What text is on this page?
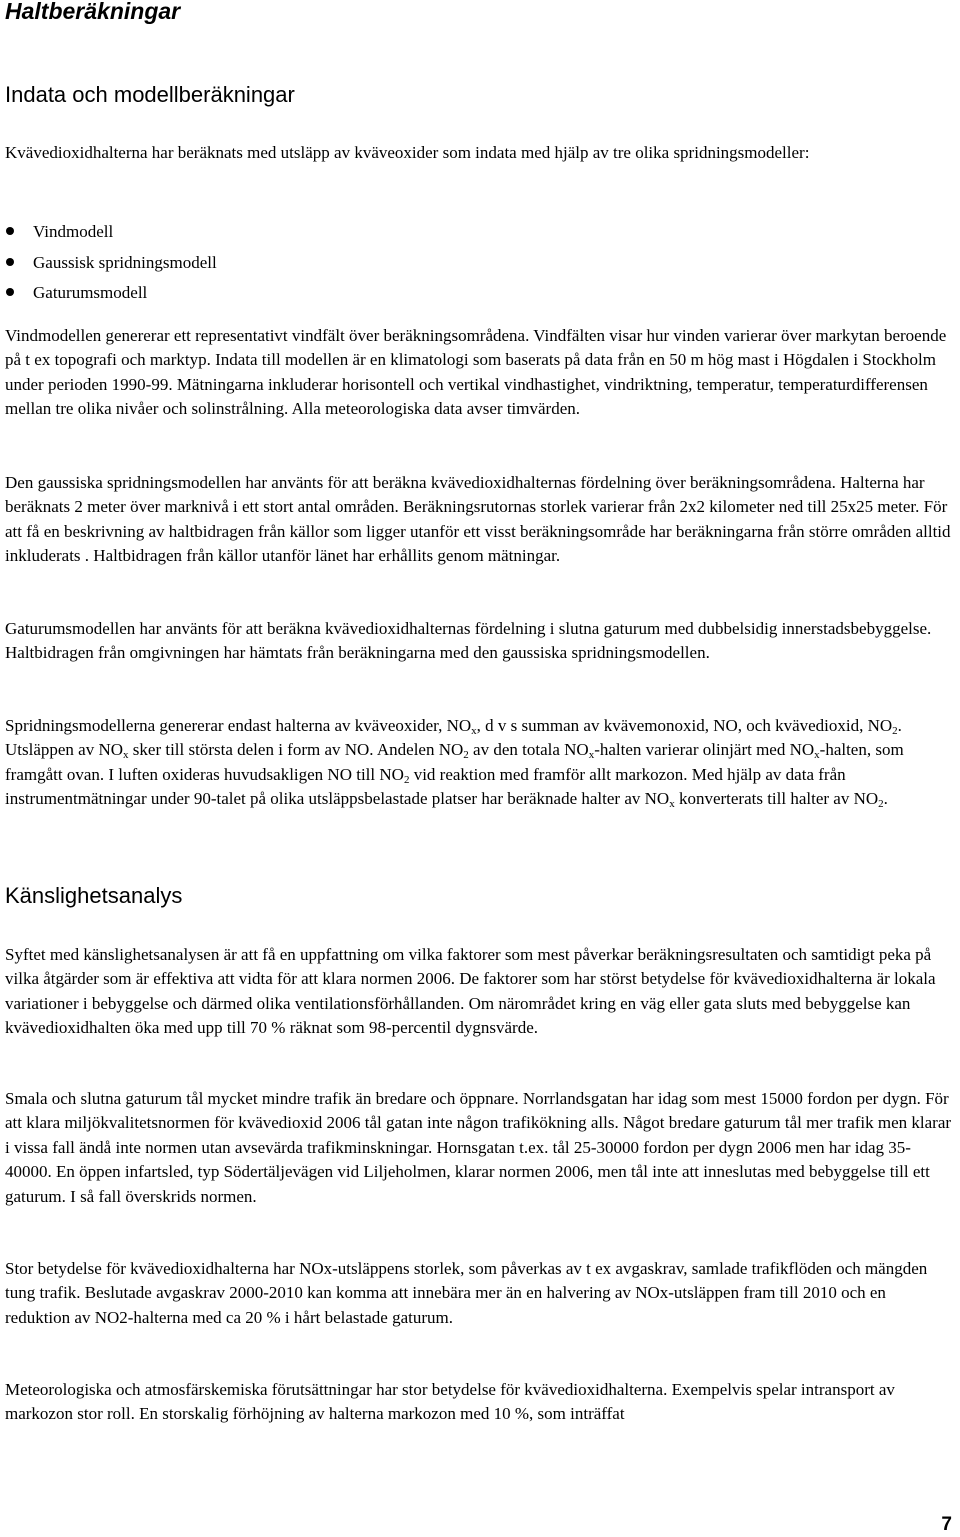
Haltberäkningar
Indata och modellberäkningar

Kvävedioxidhalterna har beräknats med utsläpp av kväveoxider som indata med hjälp av tre olika spridningsmodeller:

Vindmodell
Gaussisk spridningsmodell
Gaturumsmodell

Vindmodellen genererar ett representativt vindfält över beräkningsområdena. Vindfälten visar hur vinden varierar över markytan beroende på t ex topografi och marktyp. Indata till modellen är en klimatologi som baserats på data från en 50 m hög mast i Högdalen i Stockholm under perioden 1990-99. Mätningarna inkluderar horisontell och vertikal vindhastighet, vindriktning, temperatur, temperaturdifferensen mellan tre olika nivåer och solinstrålning. Alla meteorologiska data avser timvärden.

Den gaussiska spridningsmodellen har använts för att beräkna kvävedioxidhalternas fördelning över beräkningsområdena. Halterna har beräknats 2 meter över marknivå i ett stort antal områden. Beräkningsrutornas storlek varierar från 2x2 kilometer ned till 25x25 meter. För att få en beskrivning av haltbidragen från källor som ligger utanför ett visst beräkningsområde har beräkningarna från större områden alltid inkluderats . Haltbidragen från källor utanför länet har erhållits genom mätningar.

Gaturumsmodellen har använts för att beräkna kvävedioxidhalternas fördelning i slutna gaturum med dubbelsidig innerstadsbebyggelse. Haltbidragen från omgivningen har hämtats från beräkningarna med den gaussiska spridningsmodellen.

Spridningsmodellerna genererar endast halterna av kväveoxider, $NO_x$, d v s summan av kvävemonoxid, NO, och kvävedioxid, $NO_2$. Utsläppen av $NO_x$ sker till största delen i form av NO. Andelen $NO_2$ av den totala $NO_x$-halten varierar olinjärt med $NO_x$-halten, som framgått ovan. I luften oxideras huvudsakligen NO till $NO_2$ vid reaktion med framför allt markozon. Med hjälp av data från instrumentmätningar under 90-talet på olika utsläppsbelastade platser har beräknade halter av $NO_x$ konverterats till halter av $NO_2$.

Känslighetsanalys

Syftet med känslighetsanalysen är att få en uppfattning om vilka faktorer som mest påverkar beräkningsresultaten och samtidigt peka på vilka åtgärder som är effektiva att vidta för att klara normen 2006. De faktorer som har störst betydelse för kvävedioxidhalterna är lokala variationer i bebyggelse och därmed olika ventilationsförhållanden. Om närområdet kring en väg eller gata sluts med bebyggelse kan kvävedioxidhalten öka med upp till 70 % räknat som 98-percentil dygnsvärde.

Smala och slutna gaturum tål mycket mindre trafik än bredare och öppnare. Norrlandsgatan har idag som mest 15000 fordon per dygn. För att klara miljökvalitetsnormen för kvävedioxid 2006 tål gatan inte någon trafikökning alls. Något bredare gaturum tål mer trafik men klarar i vissa fall ändå inte normen utan avsevärda trafikminskningar. Hornsgatan t.ex. tål 25-30000 fordon per dygn 2006 men har idag 35-40000. En öppen infartsled, typ Södertäljevägen vid Liljeholmen, klarar normen 2006, men tål inte att inneslutas med bebyggelse till ett gaturum. I så fall överskrids normen.

Stor betydelse för kvävedioxidhalterna har NOx-utsläppens storlek, som påverkas av t ex avgaskrav, samlade trafikflöden och mängden tung trafik. Beslutade avgaskrav 2000-2010 kan komma att innebära mer än en halvering av NOx-utsläppen fram till 2010 och en reduktion av NO2-halterna med ca 20 % i hårt belastade gaturum.

Meteorologiska och atmosfärskemiska förutsättningar har stor betydelse för kvävedioxidhalterna. Exempelvis spelar intransport av markozon stor roll. En storskalig förhöjning av halterna markozon med 10 %, som inträffat

7
